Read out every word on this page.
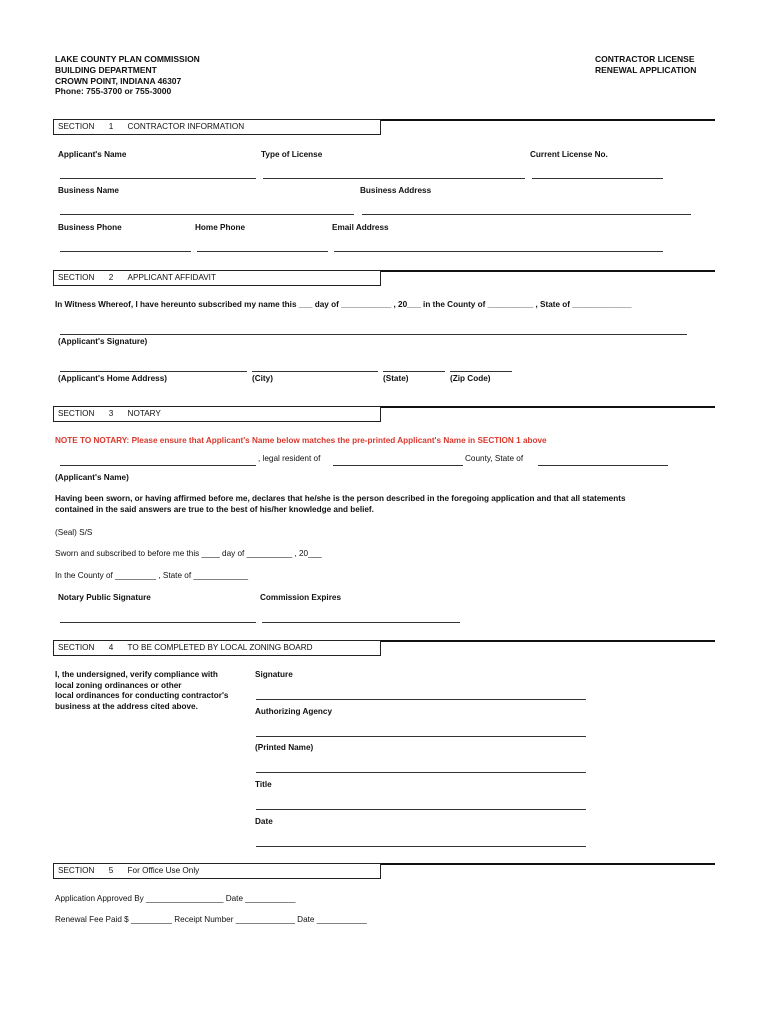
LAKE COUNTY PLAN COMMISSION
BUILDING DEPARTMENT
CROWN POINT, INDIANA 46307
Phone: 755-3700 or 755-3000
CONTRACTOR LICENSE
RENEWAL APPLICATION
SECTION 1 CONTRACTOR INFORMATION
Applicant's Name	Type of License	Current License No.
Business Name	Business Address
Business Phone	Home Phone	Email Address
SECTION 2 APPLICANT AFFIDAVIT
In Witness Whereof, I have hereunto subscribed my name this ___ day of ___________ , 20___ in the County of __________ , State of _____________
(Applicant's Signature)
(Applicant's Home Address)	(City)	(State)	(Zip Code)
SECTION 3 NOTARY
NOTE TO NOTARY: Please ensure that Applicant's Name below matches the pre-printed Applicant's Name in SECTION 1 above
, legal resident of	County, State of
(Applicant's Name)
Having been sworn, or having affirmed before me, declares that he/she is the person described in the foregoing application and that all statements
contained in the said answers are true to the best of his/her knowledge and belief.
(Seal) S/S
Sworn and subscribed to before me this ____ day of __________ , 20___
In the County of _________ , State of ____________
Notary Public Signature	Commission Expires
SECTION 4 TO BE COMPLETED BY LOCAL ZONING BOARD
I, the undersigned, verify compliance with
local zoning ordinances or other
local ordinances for conducting contractor's
business at the address cited above.
Signature
Authorizing Agency
(Printed Name)
Title
Date
SECTION 5 For Office Use Only
Application Approved By _________________ Date ___________
Renewal Fee Paid $ _________ Receipt Number _____________ Date ___________
